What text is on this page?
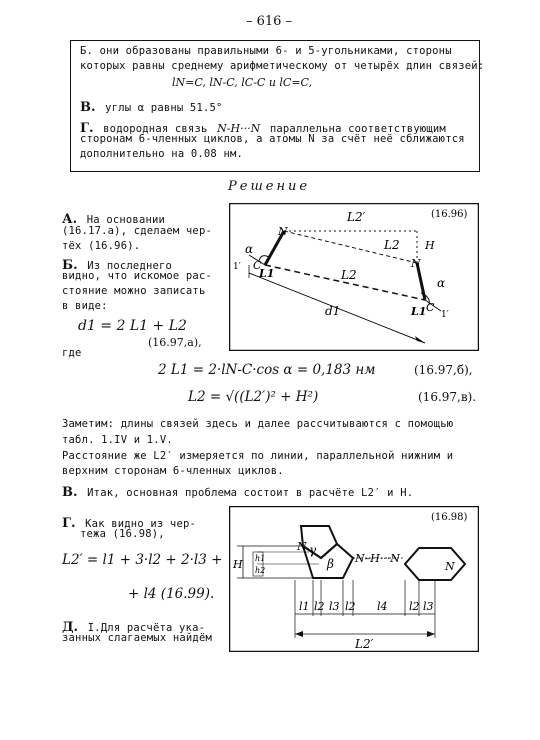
– 616 –
Б. они образованы правильными 6- и 5-угольниками, стороны
которых равны среднему арифметическому от четырёх длин связей:
lN=C, lN-C, lC-C и lC=C,
В. углы α равны 51.5°
Г. водородная связь N-H···N параллельна соответствующим
сторонам 6-членных циклов, а атомы N за счёт неё сближаются
дополнительно на 0.08 нм.
Решение
А. На основании
(16.17.а), сделаем чер-
тёх (16.96).
Б. Из последнего
видно, что искомое рас-
стояние можно записать
в виде:
d1 = 2 L1 + L2
(16.97,a),
где
2 L1 = 2·lN-C·cos α = 0,183 нм	(16.97,б),
L2 = √((L2′)² + H²)	(16.97,в).
Заметим: длины связей здесь и далее рассчитываются с помощью
табл. 1.IV и 1.V.
Расстояние же L2′ измеряется по линии, параллельной нижним и
верхним сторонам 6-членных циклов.
В. Итак, основная проблема состоит в расчёте L2′ и H.
Г. Как видно из чер-
тежа (16.98),
L2′ = l1 + 3·l2 + 2·l3 +
+ l4 (16.99).
Д. I.Для расчёта ука-
занных слагаемых найдём
(16.96)
L2′
L2 H
α
α
N
N
C
C
1′
1′
L1
L1
L2
d1
(16.98)
H h1
h2
N γ
β N–H···N
N
l1 l2 l3 l2 l4 l2 l3
L2′
